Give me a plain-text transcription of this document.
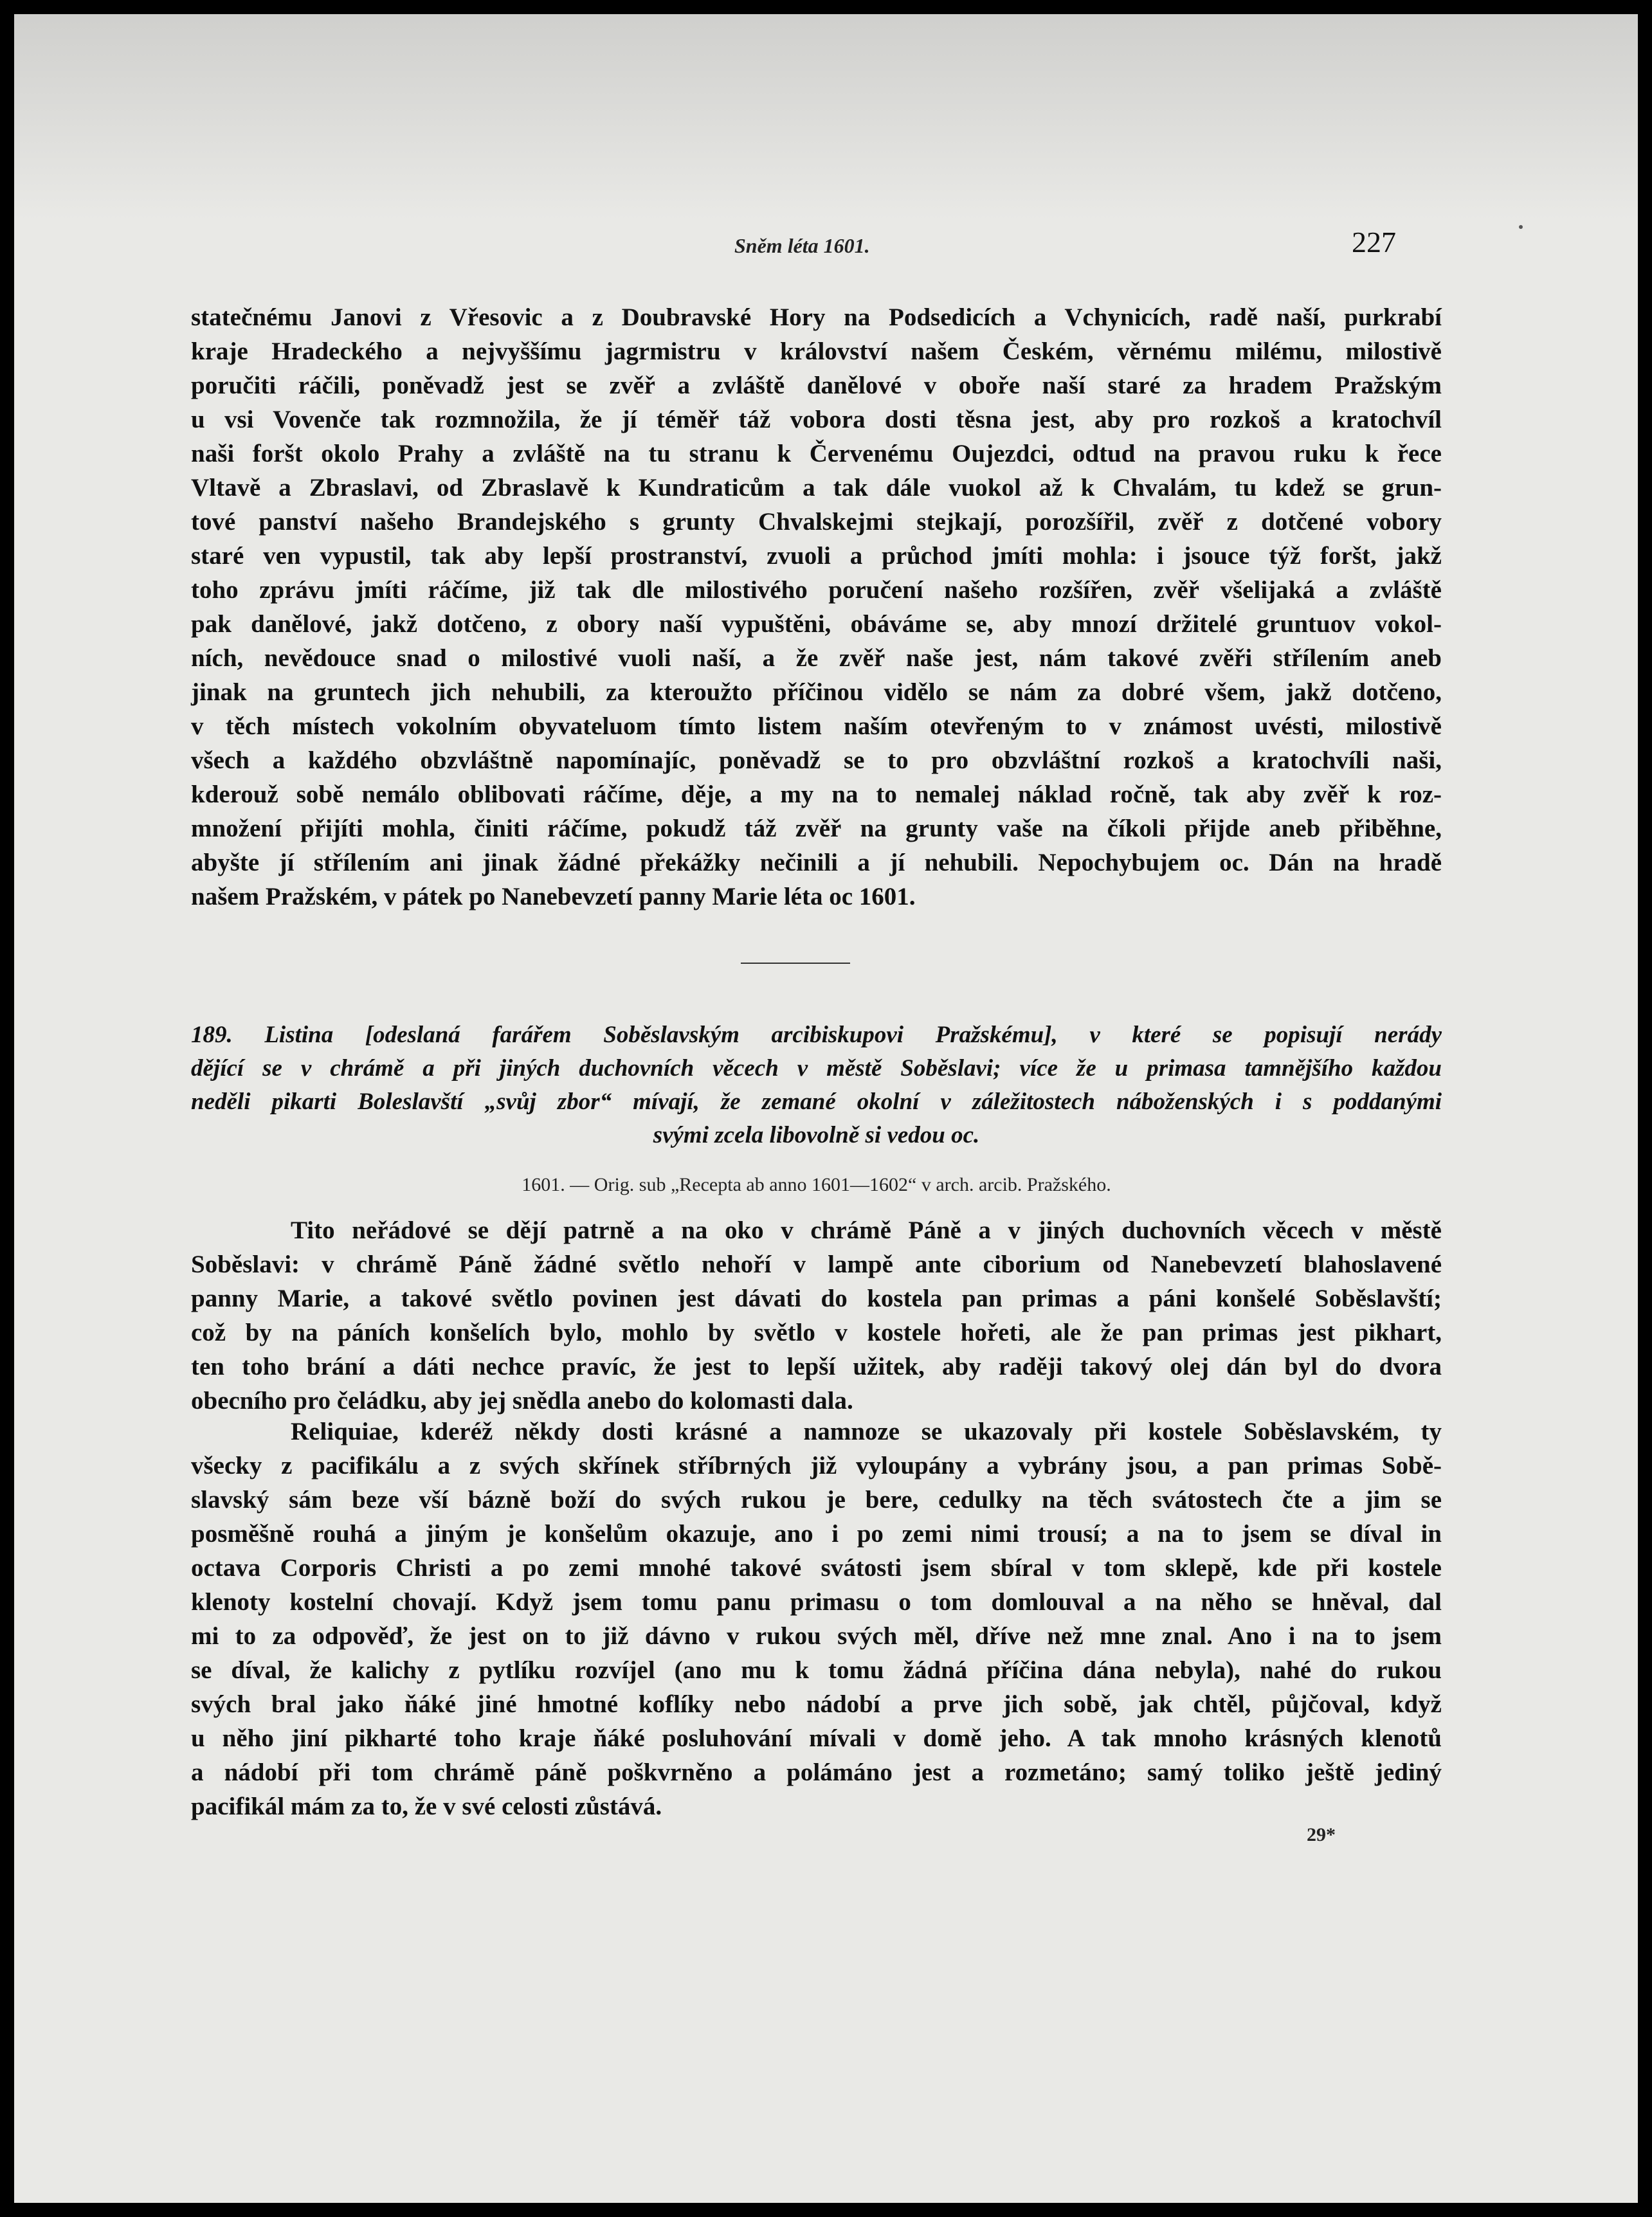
Sněm léta 1601.	227
statečnému Janovi z Vřesovic a z Doubravské Hory na Podsedicích a Vchynicích, radě naší, purkrabí
kraje Hradeckého a nejvyššímu jagrmistru v království našem Českém, věrnému milému, milostivě
poručiti ráčili, poněvadž jest se zvěř a zvláště danělové v oboře naší staré za hradem Pražským
u vsi Vovenče tak rozmnožila, že jí téměř táž vobora dosti těsna jest, aby pro rozkoš a kratochvíl
naši foršt okolo Prahy a zvláště na tu stranu k Červenému Oujezdci, odtud na pravou ruku k řece
Vltavě a Zbraslavi, od Zbraslavě k Kundraticům a tak dále vuokol až k Chvalám, tu kdež se grun-
tové panství našeho Brandejského s grunty Chvalskejmi stejkají, porozšířil, zvěř z dotčené vobory
staré ven vypustil, tak aby lepší prostranství, zvuoli a průchod jmíti mohla: i jsouce týž foršt, jakž
toho zprávu jmíti ráčíme, již tak dle milostivého poručení našeho rozšířen, zvěř všelijaká a zvláště
pak danělové, jakž dotčeno, z obory naší vypuštěni, obáváme se, aby mnozí držitelé gruntuov vokol-
ních, nevědouce snad o milostivé vuoli naší, a že zvěř naše jest, nám takové zvěři střílením aneb
jinak na gruntech jich nehubili, za kteroužto příčinou vidělo se nám za dobré všem, jakž dotčeno,
v těch místech vokolním obyvateluom tímto listem naším otevřeným to v známost uvésti, milostivě
všech a každého obzvláštně napomínajíc, poněvadž se to pro obzvláštní rozkoš a kratochvíli naši,
kderouž sobě nemálo oblibovati ráčíme, děje, a my na to nemalej náklad ročně, tak aby zvěř k roz-
množení přijíti mohla, činiti ráčíme, pokudž táž zvěř na grunty vaše na číkoli přijde aneb přiběhne,
abyšte jí střílením ani jinak žádné překážky nečinili a jí nehubili. Nepochybujem oc. Dán na hradě
našem Pražském, v pátek po Nanebevzetí panny Marie léta oc 1601.
189. Listina [odeslaná farářem Soběslavským arcibiskupovi Pražskému], v které se popisují nerády
dějící se v chrámě a při jiných duchovních věcech v městě Soběslavi; více že u primasa tamnějšího každou
neděli pikarti Boleslavští „svůj zbor“ mívají, že zemané okolní v záležitostech náboženských i s poddanými
svými zcela libovolně si vedou oc.
1601. — Orig. sub „Recepta ab anno 1601—1602“ v arch. arcib. Pražského.
Tito neřádové se dějí patrně a na oko v chrámě Páně a v jiných duchovních věcech v městě
Soběslavi: v chrámě Páně žádné světlo nehoří v lampě ante ciborium od Nanebevzetí blahoslavené
panny Marie, a takové světlo povinen jest dávati do kostela pan primas a páni konšelé Soběslavští;
což by na páních konšelích bylo, mohlo by světlo v kostele hořeti, ale že pan primas jest pikhart,
ten toho brání a dáti nechce pravíc, že jest to lepší užitek, aby raději takový olej dán byl do dvora
obecního pro čeládku, aby jej snědla anebo do kolomasti dala.
Reliquiae, kderéž někdy dosti krásné a namnoze se ukazovaly při kostele Soběslavském, ty
všecky z pacifikálu a z svých skřínek stříbrných již vyloupány a vybrány jsou, a pan primas Sobě-
slavský sám beze vší bázně boží do svých rukou je bere, cedulky na těch svátostech čte a jim se
posměšně rouhá a jiným je konšelům okazuje, ano i po zemi nimi trousí; a na to jsem se díval in
octava Corporis Christi a po zemi mnohé takové svátosti jsem sbíral v tom sklepě, kde při kostele
klenoty kostelní chovají. Když jsem tomu panu primasu o tom domlouval a na něho se hněval, dal
mi to za odpověď, že jest on to již dávno v rukou svých měl, dříve než mne znal. Ano i na to jsem
se díval, že kalichy z pytlíku rozvíjel (ano mu k tomu žádná příčina dána nebyla), nahé do rukou
svých bral jako ňáké jiné hmotné koflíky nebo nádobí a prve jich sobě, jak chtěl, půjčoval, když
u něho jiní pikharté toho kraje ňáké posluhování mívali v domě jeho. A tak mnoho krásných klenotů
a nádobí při tom chrámě páně poškvrněno a polámáno jest a rozmetáno; samý toliko ještě jediný
pacifikál mám za to, že v své celosti zůstává.
29*
